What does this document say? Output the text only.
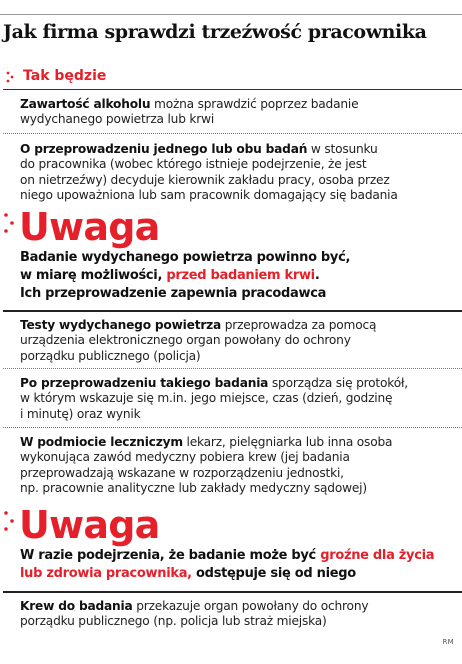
Jak firma sprawdzi trzeźwość pracownika
Tak będzie
Zawartość alkoholu można sprawdzić poprzez badanie
wydychanego powietrza lub krwi
O przeprowadzeniu jednego lub obu badań w stosunku
do pracownika (wobec którego istnieje podejrzenie, że jest
on nietrzeźwy) decyduje kierownik zakładu pracy, osoba przez
niego upoważniona lub sam pracownik domagający się badania
Uwaga
Badanie wydychanego powietrza powinno być,
w miarę możliwości, przed badaniem krwi.
Ich przeprowadzenie zapewnia pracodawca
Testy wydychanego powietrza przeprowadza za pomocą
urządzenia elektronicznego organ powołany do ochrony
porządku publicznego (policja)
Po przeprowadzeniu takiego badania sporządza się protokół,
w którym wskazuje się m.in. jego miejsce, czas (dzień, godzinę
i minutę) oraz wynik
W podmiocie leczniczym lekarz, pielęgniarka lub inna osoba
wykonująca zawód medyczny pobiera krew (jej badania
przeprowadzają wskazane w rozporządzeniu jednostki,
np. pracownie analityczne lub zakłady medyczny sądowej)
Uwaga
W razie podejrzenia, że badanie może być groźne dla życia
lub zdrowia pracownika, odstępuje się od niego
Krew do badania przekazuje organ powołany do ochrony
porządku publicznego (np. policja lub straż miejska)
RM
